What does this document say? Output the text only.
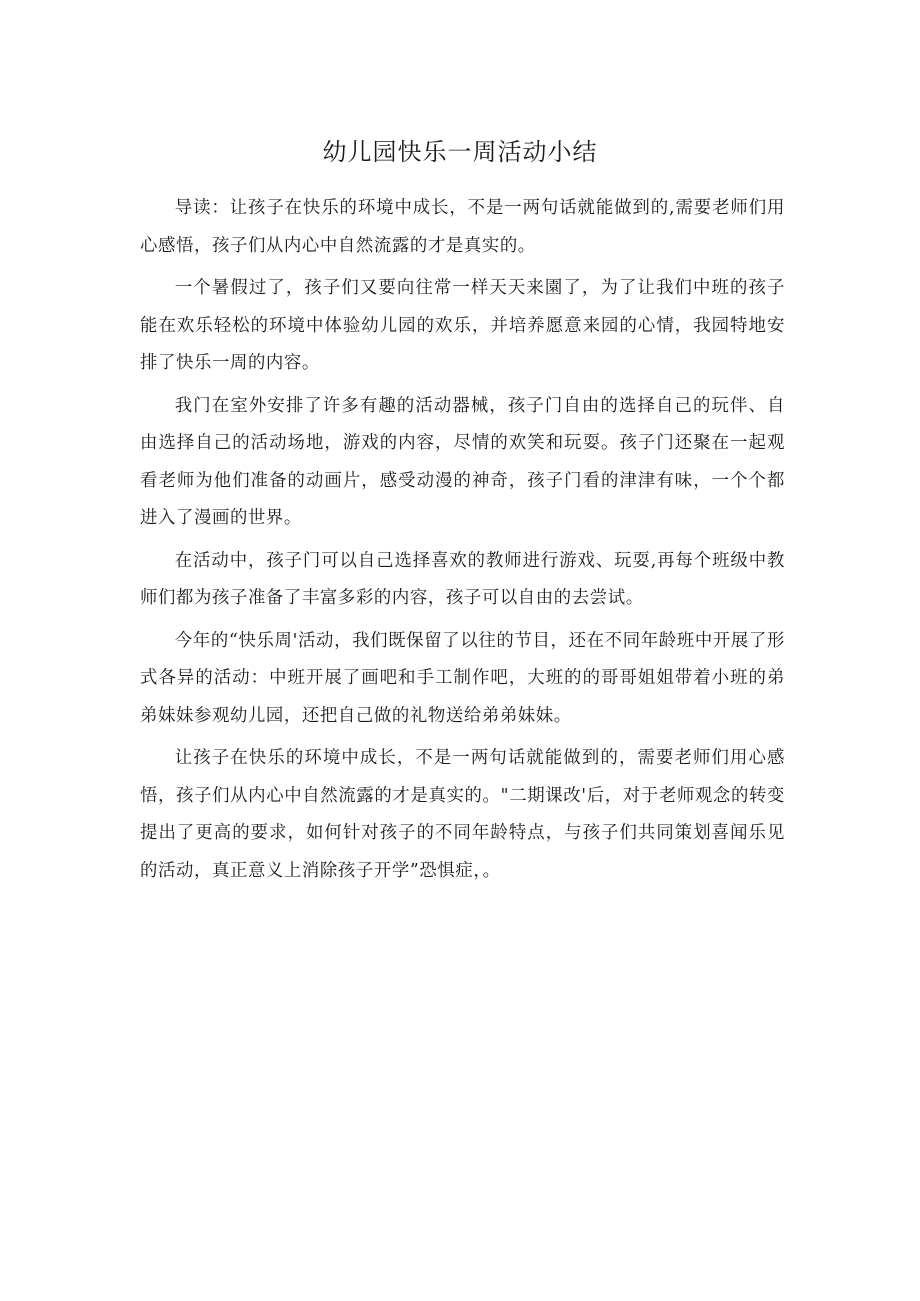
幼儿园快乐一周活动小结

导读：让孩子在快乐的环境中成长，不是一两句话就能做到的,需要老师们用心感悟，孩子们从内心中自然流露的才是真实的。

一个暑假过了，孩子们又要向往常一样天天来園了，为了让我们中班的孩子能在欢乐轻松的环境中体验幼儿园的欢乐，并培养愿意来园的心情，我园特地安排了快乐一周的内容。

我门在室外安排了许多有趣的活动器械，孩子门自由的选择自己的玩伴、自由选择自己的活动场地，游戏的内容，尽情的欢笑和玩耍。孩子门还聚在一起观看老师为他们准备的动画片，感受动漫的神奇，孩子门看的津津有味，一个个都进入了漫画的世界。

在活动中，孩子门可以自己选择喜欢的教师进行游戏、玩耍,再每个班级中教师们都为孩子准备了丰富多彩的内容，孩子可以自由的去尝试。

今年的“快乐周'活动，我们既保留了以往的节目，还在不同年龄班中开展了形式各异的活动：中班开展了画吧和手工制作吧，大班的的哥哥姐姐带着小班的弟弟妹妹参观幼儿园，还把自己做的礼物送给弟弟妹妹。

让孩子在快乐的环境中成长，不是一两句话就能做到的，需要老师们用心感悟，孩子们从内心中自然流露的才是真实的。"二期课改'后，对于老师观念的转变提出了更高的要求，如何针对孩子的不同年龄特点，与孩子们共同策划喜闻乐见的活动，真正意义上消除孩子开学”恐惧症，。
